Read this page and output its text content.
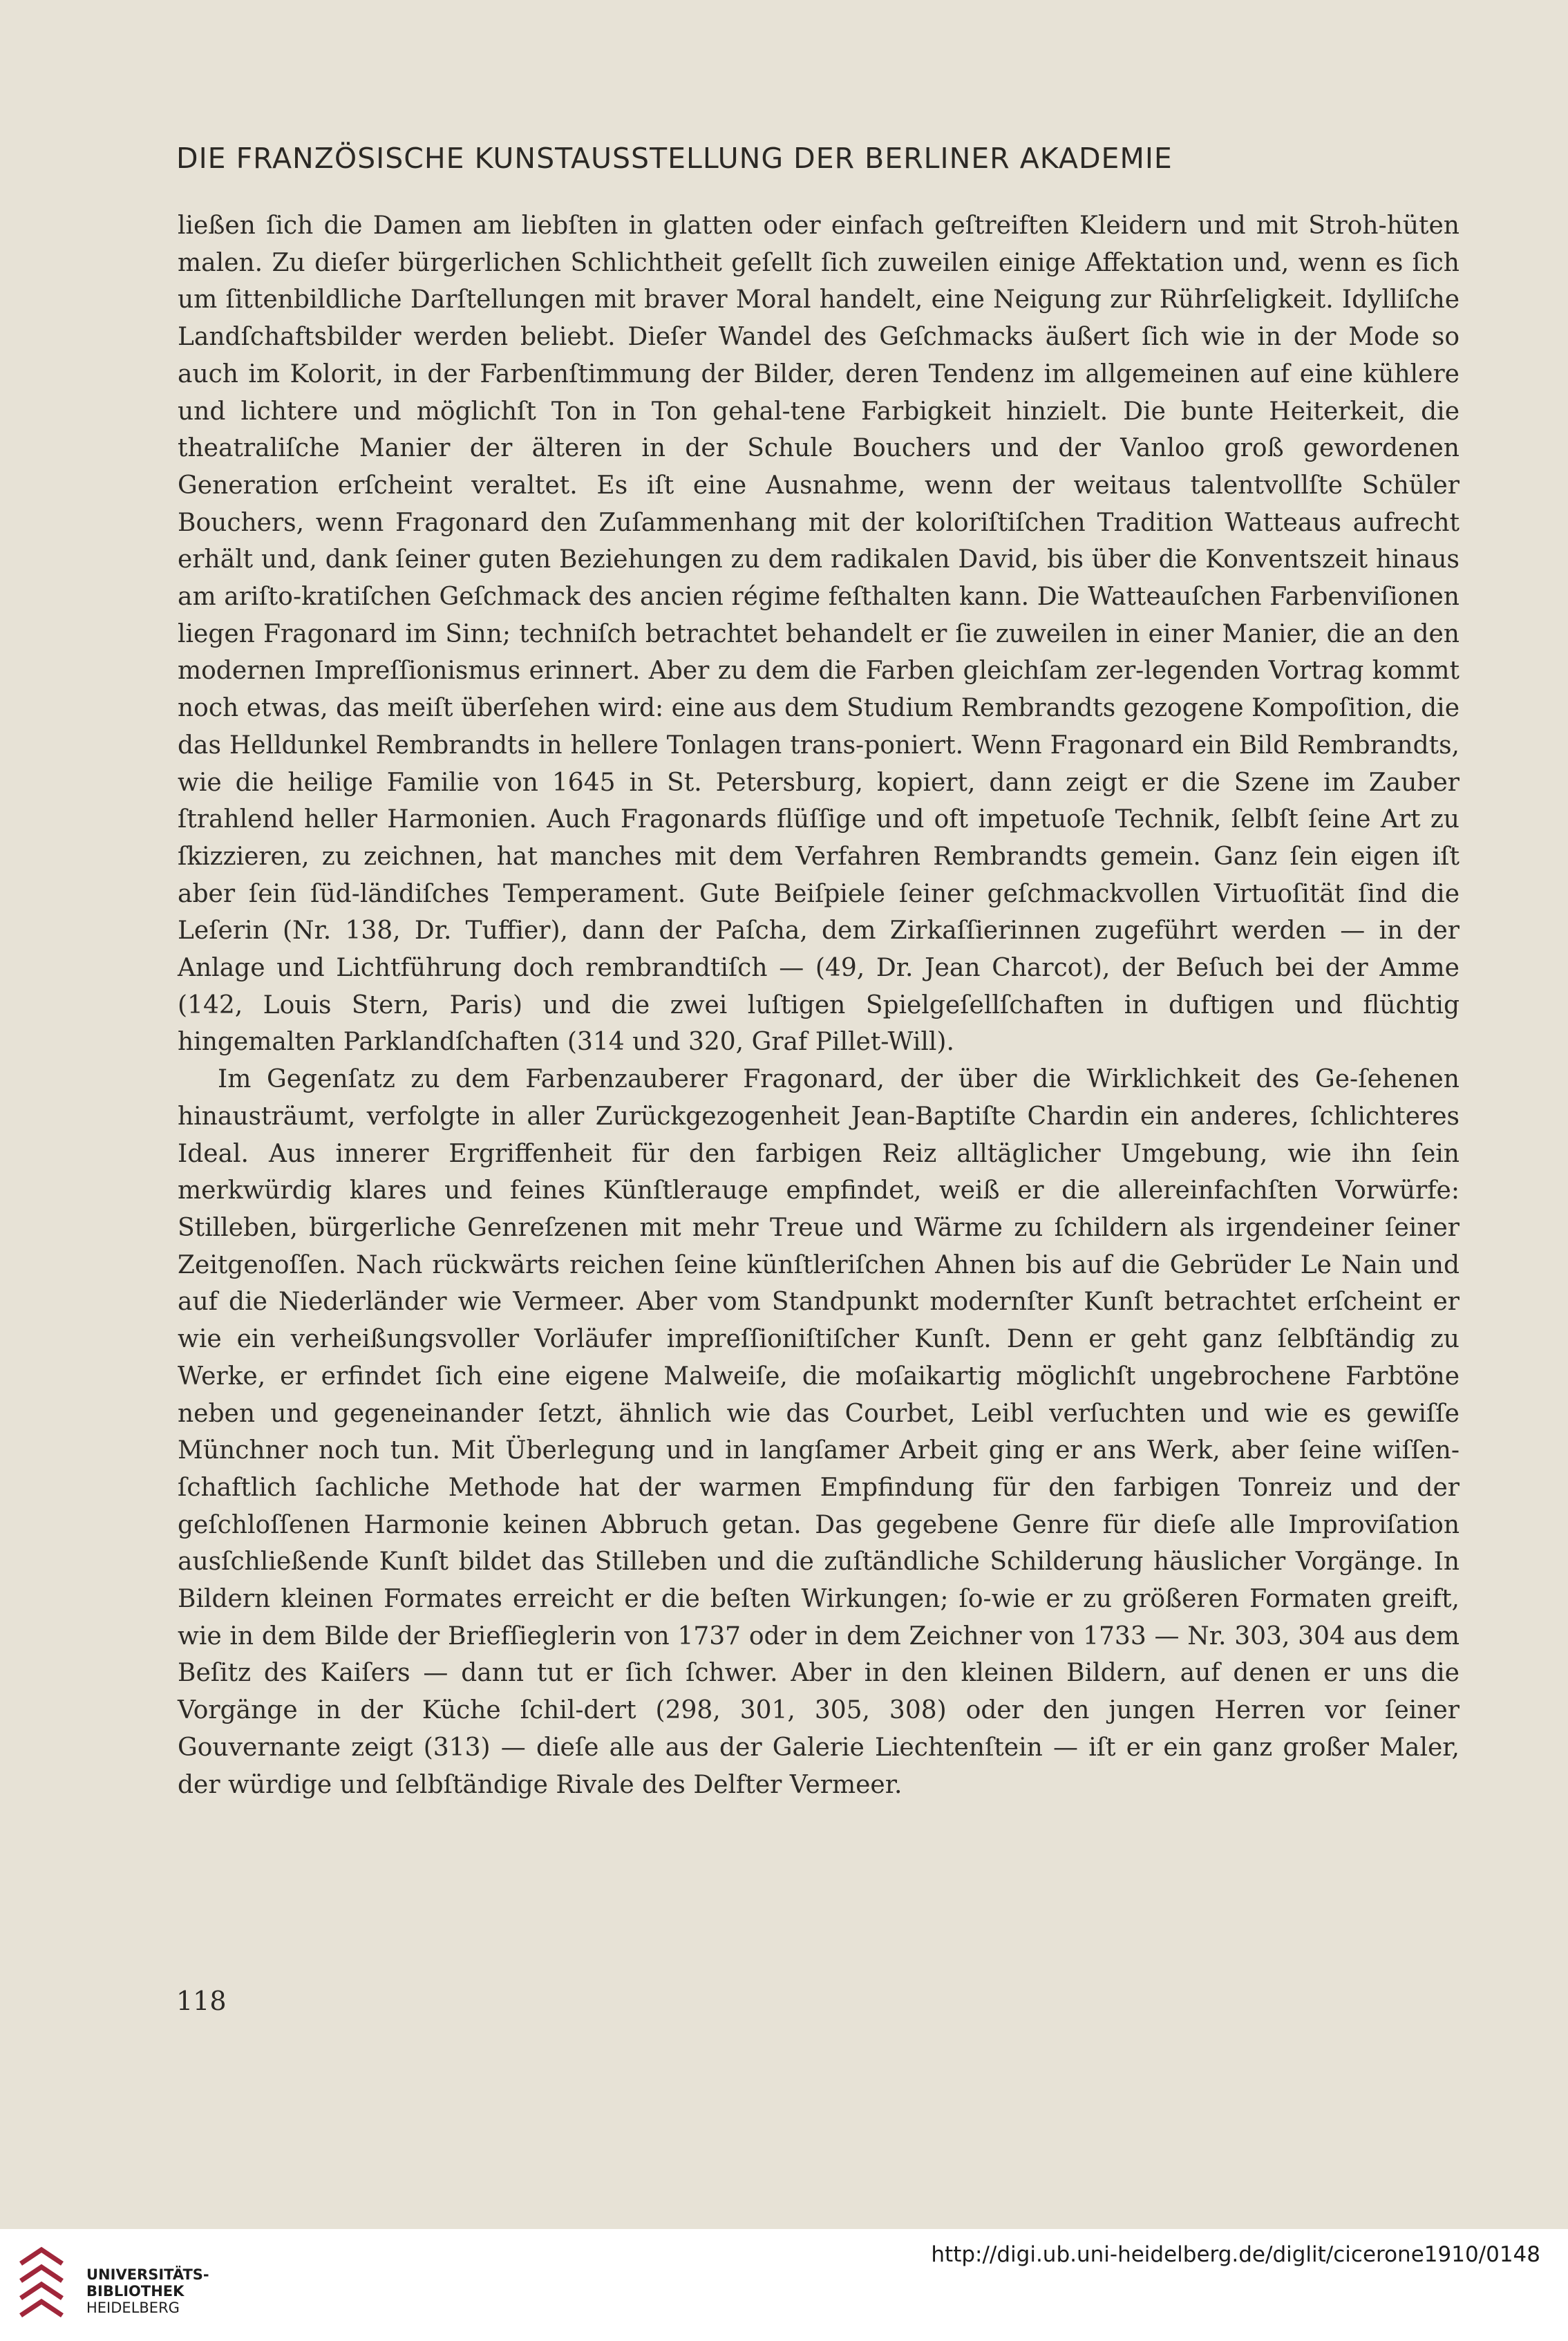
DIE FRANZÖSISCHE KUNSTAUSSTELLUNG DER BERLINER AKADEMIE

ließen ſich die Damen am liebſten in glatten oder einfach geſtreiften Kleidern und mit Stroh-hüten malen. Zu dieſer bürgerlichen Schlichtheit geſellt ſich zuweilen einige Affektation und, wenn es ſich um ſittenbildliche Darſtellungen mit braver Moral handelt, eine Neigung zur Rührſeligkeit. Idylliſche Landſchaftsbilder werden beliebt. Dieſer Wandel des Geſchmacks äußert ſich wie in der Mode so auch im Kolorit, in der Farbenſtimmung der Bilder, deren Tendenz im allgemeinen auf eine kühlere und lichtere und möglichſt Ton in Ton gehal-tene Farbigkeit hinzielt. Die bunte Heiterkeit, die theatraliſche Manier der älteren in der Schule Bouchers und der Vanloo groß gewordenen Generation erſcheint veraltet. Es iſt eine Ausnahme, wenn der weitaus talentvollſte Schüler Bouchers, wenn Fragonard den Zuſammenhang mit der koloriſtiſchen Tradition Watteaus aufrecht erhält und, dank ſeiner guten Beziehungen zu dem radikalen David, bis über die Konventszeit hinaus am ariſto-kratiſchen Geſchmack des ancien régime feſthalten kann. Die Watteauſchen Farbenviſionen liegen Fragonard im Sinn; techniſch betrachtet behandelt er ſie zuweilen in einer Manier, die an den modernen Impreſſionismus erinnert. Aber zu dem die Farben gleichſam zer-legenden Vortrag kommt noch etwas, das meiſt überſehen wird: eine aus dem Studium Rembrandts gezogene Kompoſition, die das Helldunkel Rembrandts in hellere Tonlagen trans-poniert. Wenn Fragonard ein Bild Rembrandts, wie die heilige Familie von 1645 in St. Petersburg, kopiert, dann zeigt er die Szene im Zauber ſtrahlend heller Harmonien. Auch Fragonards flüſſige und oft impetuoſe Technik, ſelbſt ſeine Art zu ſkizzieren, zu zeichnen, hat manches mit dem Verfahren Rembrandts gemein. Ganz ſein eigen iſt aber ſein ſüd-ländiſches Temperament. Gute Beiſpiele ſeiner geſchmackvollen Virtuoſität ſind die Leſerin (Nr. 138, Dr. Tuffier), dann der Paſcha, dem Zirkaſſierinnen zugeführt werden — in der Anlage und Lichtführung doch rembrandtiſch — (49, Dr. Jean Charcot), der Beſuch bei der Amme (142, Louis Stern, Paris) und die zwei luſtigen Spielgeſellſchaften in duftigen und flüchtig hingemalten Parklandſchaften (314 und 320, Graf Pillet-Will).

Im Gegenſatz zu dem Farbenzauberer Fragonard, der über die Wirklichkeit des Ge-ſehenen hinausträumt, verfolgte in aller Zurückgezogenheit Jean-Baptiſte Chardin ein anderes, ſchlichteres Ideal. Aus innerer Ergriffenheit für den farbigen Reiz alltäglicher Umgebung, wie ihn ſein merkwürdig klares und feines Künſtlerauge empfindet, weiß er die allereinfachſten Vorwürfe: Stilleben, bürgerliche Genreſzenen mit mehr Treue und Wärme zu ſchildern als irgendeiner ſeiner Zeitgenoſſen. Nach rückwärts reichen ſeine künſtleriſchen Ahnen bis auf die Gebrüder Le Nain und auf die Niederländer wie Vermeer. Aber vom Standpunkt modernſter Kunſt betrachtet erſcheint er wie ein verheißungsvoller Vorläufer impreſſioniſtiſcher Kunſt. Denn er geht ganz ſelbſtändig zu Werke, er erfindet ſich eine eigene Malweiſe, die moſaikartig möglichſt ungebrochene Farbtöne neben und gegeneinander ſetzt, ähnlich wie das Courbet, Leibl verſuchten und wie es gewiſſe Münchner noch tun. Mit Überlegung und in langſamer Arbeit ging er ans Werk, aber ſeine wiſſen-ſchaftlich ſachliche Methode hat der warmen Empfindung für den farbigen Tonreiz und der geſchloſſenen Harmonie keinen Abbruch getan. Das gegebene Genre für dieſe alle Improviſation ausſchließende Kunſt bildet das Stilleben und die zuſtändliche Schilderung häuslicher Vorgänge. In Bildern kleinen Formates erreicht er die beſten Wirkungen; ſo-wie er zu größeren Formaten greift, wie in dem Bilde der Briefſieglerin von 1737 oder in dem Zeichner von 1733 — Nr. 303, 304 aus dem Beſitz des Kaiſers — dann tut er ſich ſchwer. Aber in den kleinen Bildern, auf denen er uns die Vorgänge in der Küche ſchil-dert (298, 301, 305, 308) oder den jungen Herren vor ſeiner Gouvernante zeigt (313) — dieſe alle aus der Galerie Liechtenſtein — iſt er ein ganz großer Maler, der würdige und ſelbſtändige Rivale des Delfter Vermeer.

118
UNIVERSITÄTS-
BIBLIOTHEK
HEIDELBERG
http://digi.ub.uni-heidelberg.de/diglit/cicerone1910/0148
